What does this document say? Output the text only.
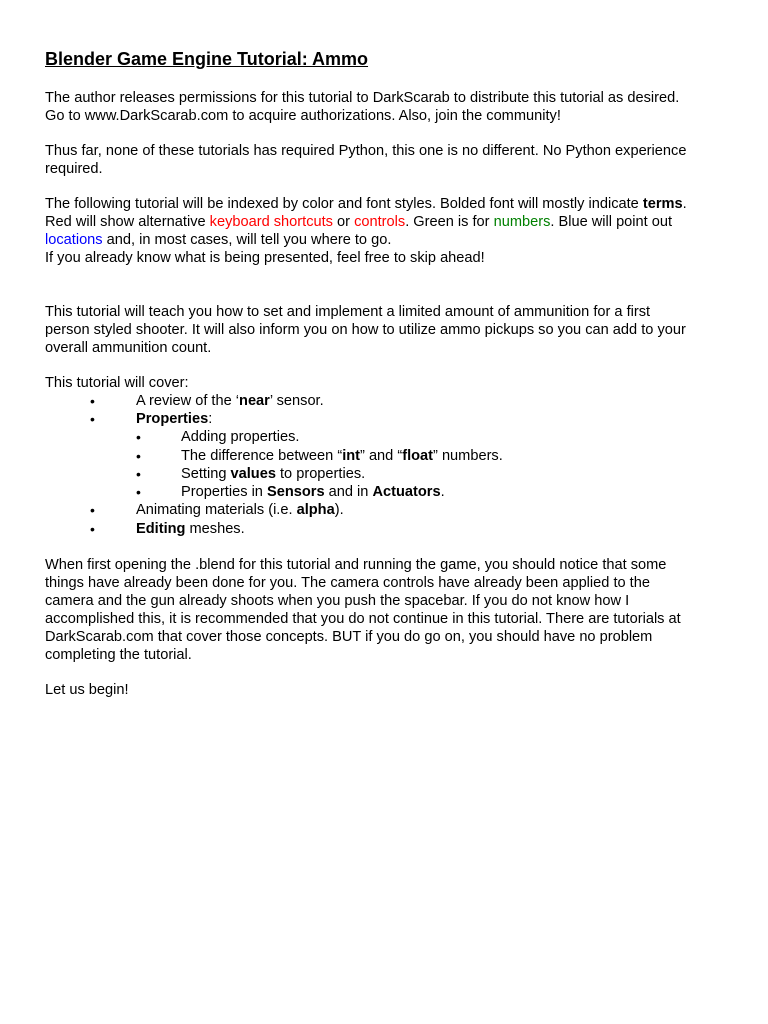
Blender Game Engine Tutorial: Ammo
The author releases permissions for this tutorial to DarkScarab to distribute this tutorial as desired.
Go to www.DarkScarab.com to acquire authorizations. Also, join the community!
Thus far, none of these tutorials has required Python, this one is no different. No Python experience
required.
The following tutorial will be indexed by color and font styles. Bolded font will mostly indicate terms.
Red will show alternative keyboard shortcuts or controls. Green is for numbers. Blue will point out
locations and, in most cases, will tell you where to go.
If you already know what is being presented, feel free to skip ahead!
This tutorial will teach you how to set and implement a limited amount of ammunition for a first
person styled shooter. It will also inform you on how to utilize ammo pickups so you can add to your
overall ammunition count.
This tutorial will cover:
•	A review of the ‘near’ sensor.
•	Properties:
•	Adding properties.
•	The difference between “int” and “float” numbers.
•	Setting values to properties.
•	Properties in Sensors and in Actuators.
•	Animating materials (i.e. alpha).
•	Editing meshes.
When first opening the .blend for this tutorial and running the game, you should notice that some
things have already been done for you. The camera controls have already been applied to the
camera and the gun already shoots when you push the spacebar. If you do not know how I
accomplished this, it is recommended that you do not continue in this tutorial. There are tutorials at
DarkScarab.com that cover those concepts. BUT if you do go on, you should have no problem
completing the tutorial.
Let us begin!
